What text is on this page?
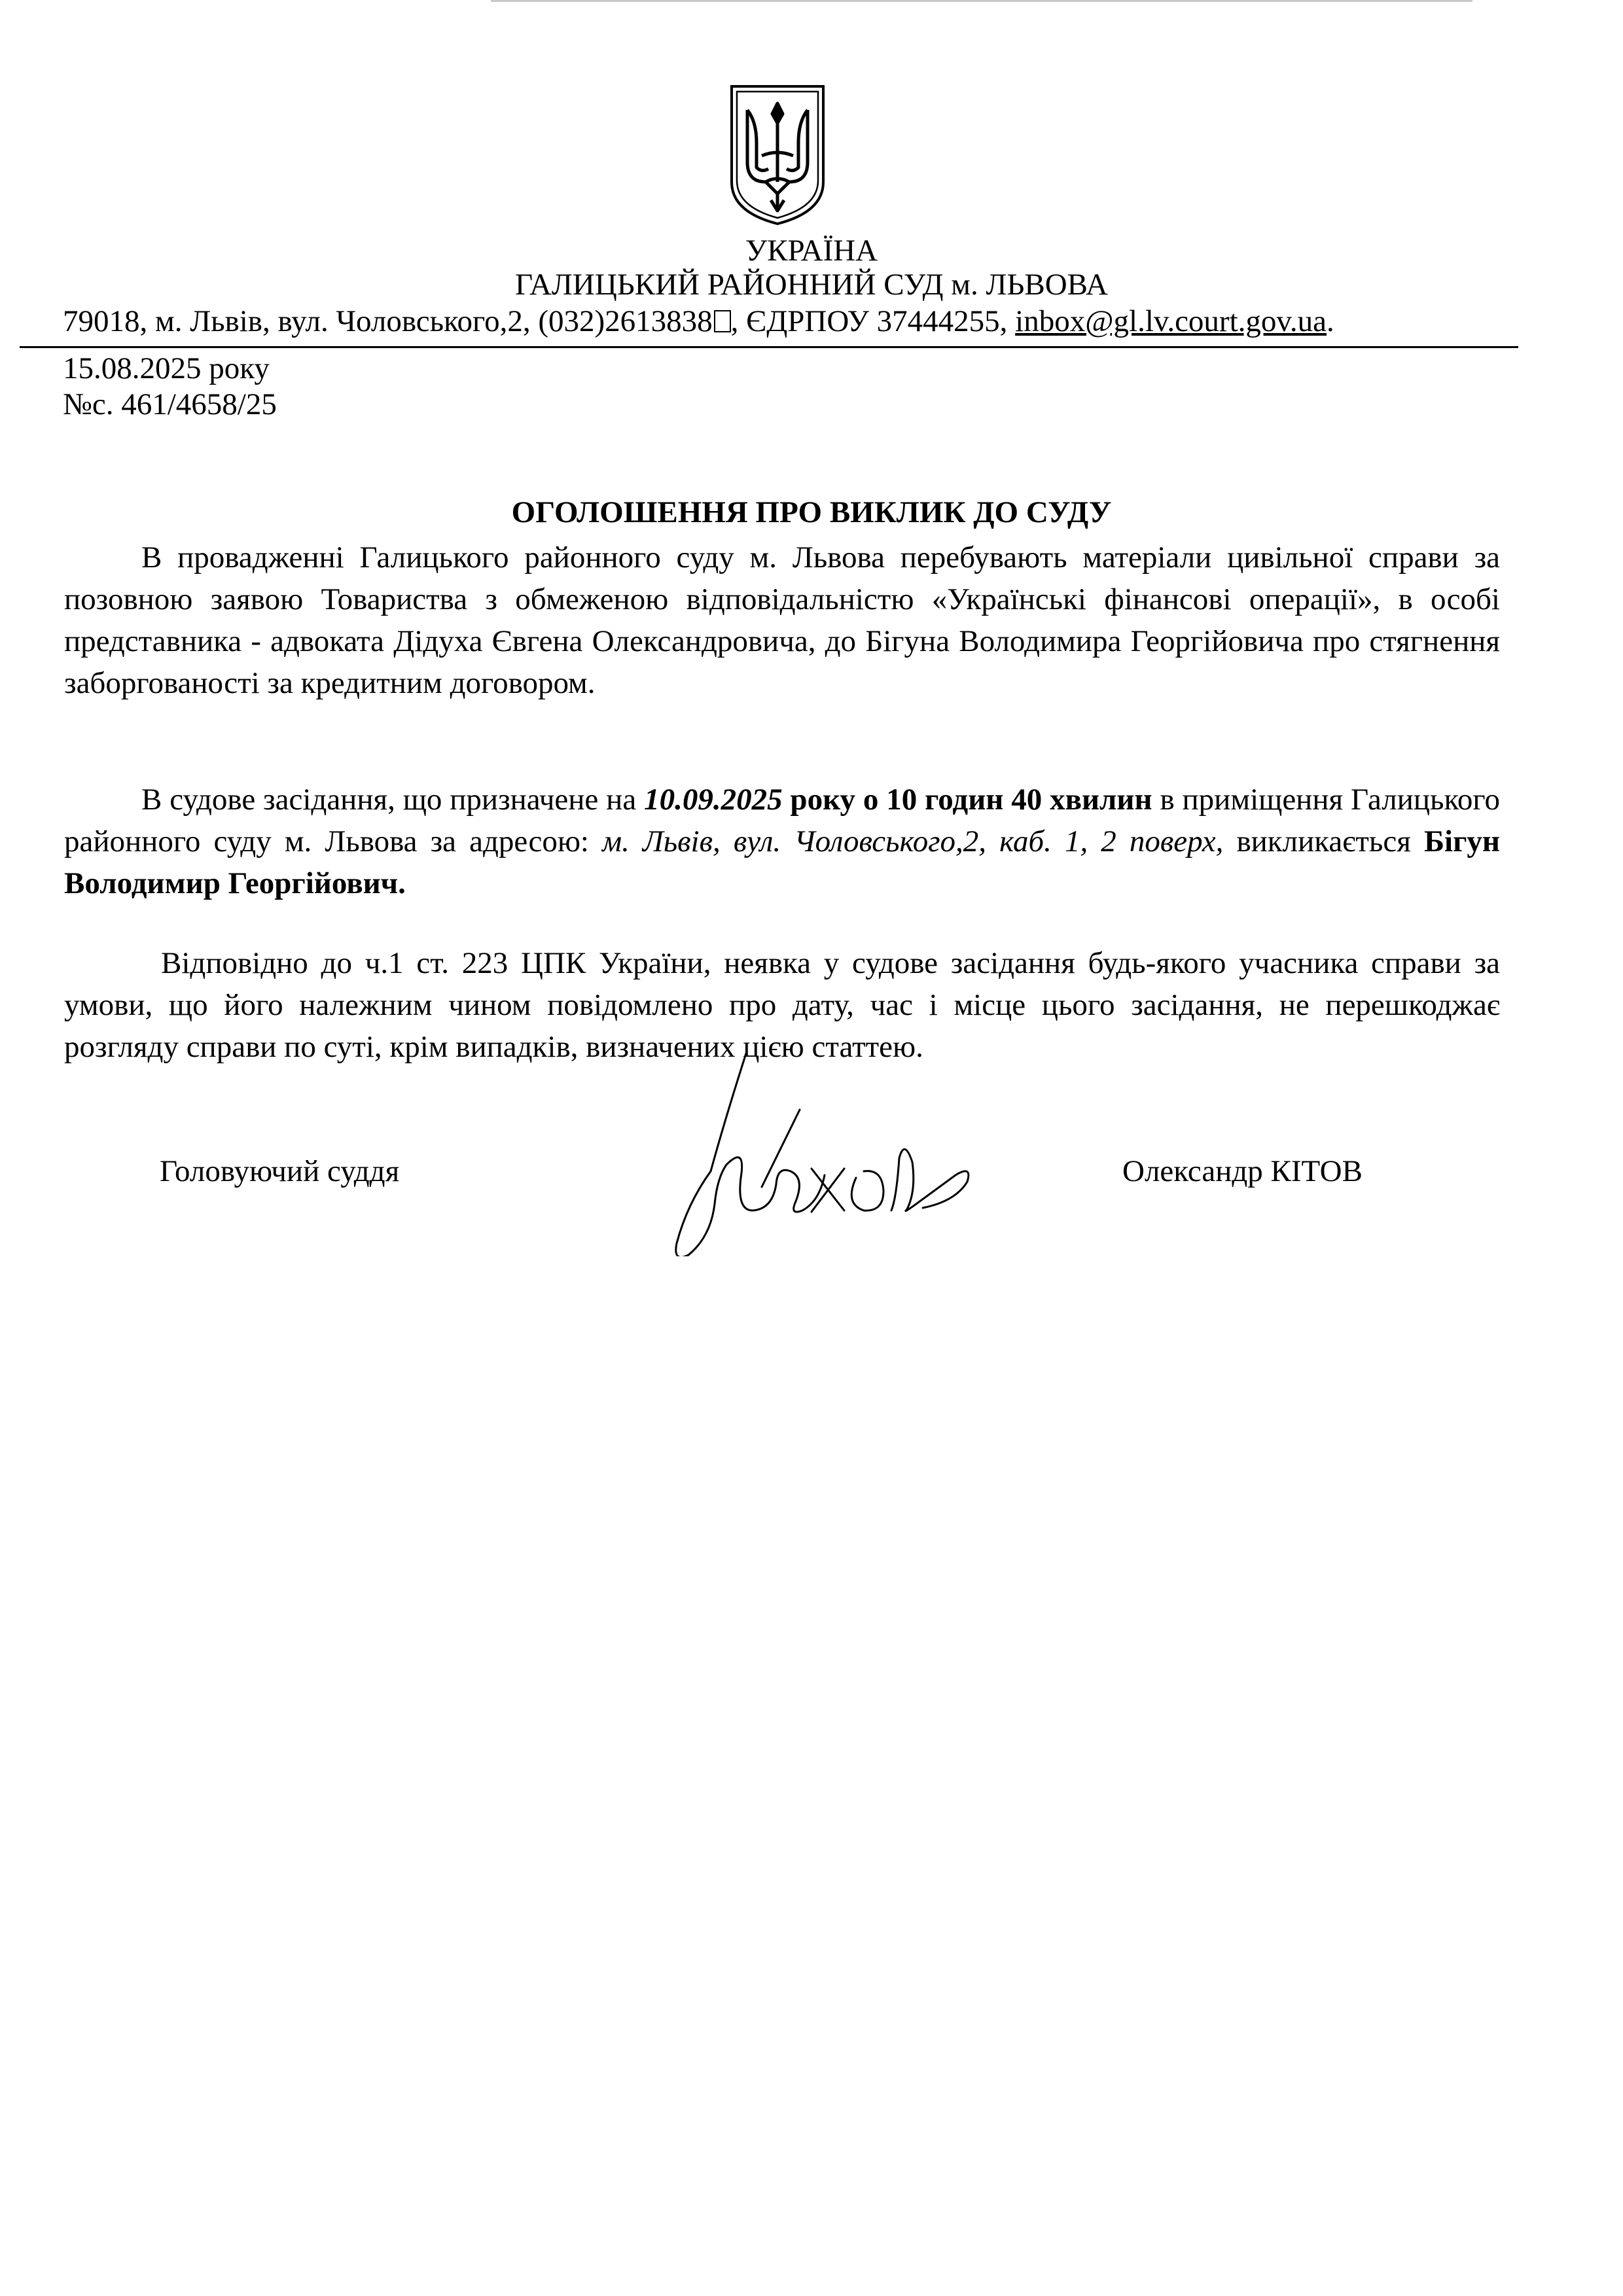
УКРАЇНА
ГАЛИЦЬКИЙ РАЙОННИЙ СУД м. ЛЬВОВА
79018, м. Львів, вул. Чоловського,2, (032)2613838 , ЄДРПОУ 37444255, inbox@gl.lv.court.gov.ua.
15.08.2025 року
№с. 461/4658/25
ОГОЛОШЕННЯ ПРО ВИКЛИК ДО СУДУ

В провадженні Галицького районного суду м. Львова перебувають матеріали цивільної справи за позовною заявою Товариства з обмеженою відповідальністю «Українські фінансові операції», в особі представника - адвоката Дідуха Євгена Олександровича, до Бігуна Володимира Георгійовича про стягнення заборгованості за кредитним договором.

В судове засідання, що призначене на 10.09.2025 року о 10 годин 40 хвилин в приміщення Галицького районного суду м. Львова за адресою: м. Львів, вул. Чоловського,2, каб. 1, 2 поверх, викликається Бігун Володимир Георгійович.

Відповідно до ч.1 ст. 223 ЦПК України, неявка у судове засідання будь-якого учасника справи за умови, що його належним чином повідомлено про дату, час і місце цього засідання, не перешкоджає розгляду справи по суті, крім випадків, визначених цією статтею.

Головуючий суддя	Олександр КІТОВ
